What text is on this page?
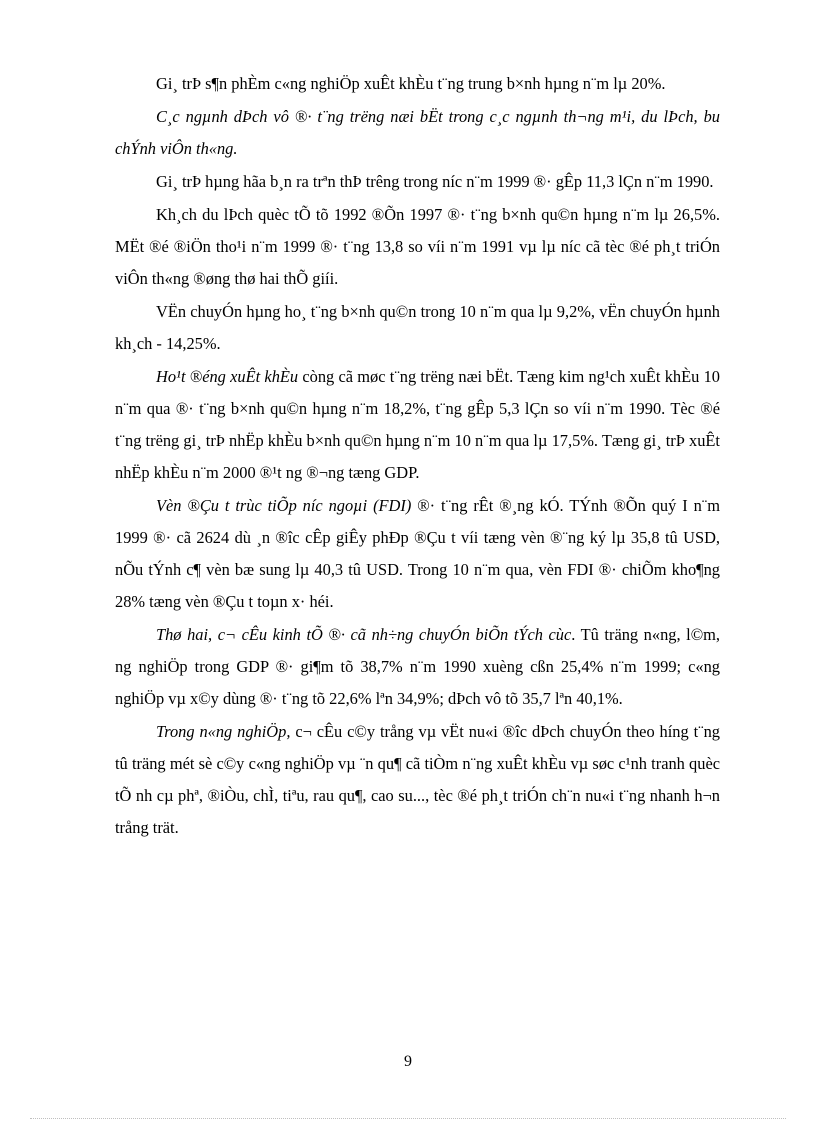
Gi¸ trÞ s¶n phÈm c«ng nghiÖp xuÊt khÈu t¨ng trung b×nh hµng n¨m lµ 20%.

C¸c ngµnh dÞch vô ®· t¨ng trëng næi bËt trong c¸c ngµnh th¬ng m¹i, du lÞch, bu chÝnh viÔn th«ng.

Gi¸ trÞ hµng hãa b¸n ra trªn thÞ trêng trong níc n¨m 1999 ®· gÊp 11,3 lÇn n¨m 1990.

Kh¸ch du lÞch quèc tÕ tõ 1992 ®Õn 1997 ®· t¨ng b×nh qu©n hµng n¨m lµ 26,5%. MËt ®é ®iÖn tho¹i n¨m 1999 ®· t¨ng 13,8 so víi n¨m 1991 vµ lµ níc cã tèc ®é ph¸t triÓn viÔn th«ng ®øng thø hai thÕ giíi.

VËn chuyÓn hµng ho¸ t¨ng b×nh qu©n trong 10 n¨m qua lµ 9,2%, vËn chuyÓn hµnh kh¸ch - 14,25%.

Ho¹t ®éng xuÊt khÈu còng cã møc t¨ng trëng næi bËt. Tæng kim ng¹ch xuÊt khÈu 10 n¨m qua ®· t¨ng b×nh qu©n hµng n¨m 18,2%, t¨ng gÊp 5,3 lÇn so víi n¨m 1990. Tèc ®é t¨ng trëng gi¸ trÞ nhËp khÈu b×nh qu©n hµng n¨m 10 n¨m qua lµ 17,5%. Tæng gi¸ trÞ xuÊt nhËp khÈu n¨m 2000 ®¹t ng ®¬ng tæng GDP.

Vèn ®Çu t trùc tiÕp níc ngoµi (FDI) ®· t¨ng rÊt ®¸ng kÓ. TÝnh ®Õn quý I n¨m 1999 ®· cã 2624 dù ¸n ®îc cÊp giÊy phÐp ®Çu t víi tæng vèn ®¨ng ký lµ 35,8 tû USD, nÕu tÝnh c¶ vèn bæ sung lµ 40,3 tû USD. Trong 10 n¨m qua, vèn FDI ®· chiÕm kho¶ng 28% tæng vèn ®Çu t toµn x· héi.

Thø hai, c¬ cÊu kinh tÕ ®· cã nh÷ng chuyÓn biÕn tÝch cùc. Tû träng n«ng, l©m, ng nghiÖp trong GDP ®· gi¶m tõ 38,7% n¨m 1990 xuèng cßn 25,4% n¨m 1999; c«ng nghiÖp vµ x©y dùng ®· t¨ng tõ 22,6% lªn 34,9%; dÞch vô tõ 35,7 lªn 40,1%.

Trong n«ng nghiÖp, c¬ cÊu c©y trång vµ vËt nu«i ®îc dÞch chuyÓn theo híng t¨ng tû träng mét sè c©y c«ng nghiÖp vµ ¨n qu¶ cã tiÒm n¨ng xuÊt khÈu vµ søc c¹nh tranh quèc tÕ nh cµ phª, ®iÒu, chÌ, tiªu, rau qu¶, cao su..., tèc ®é ph¸t triÓn ch¨n nu«i t¨ng nhanh h¬n trång trät.

9
